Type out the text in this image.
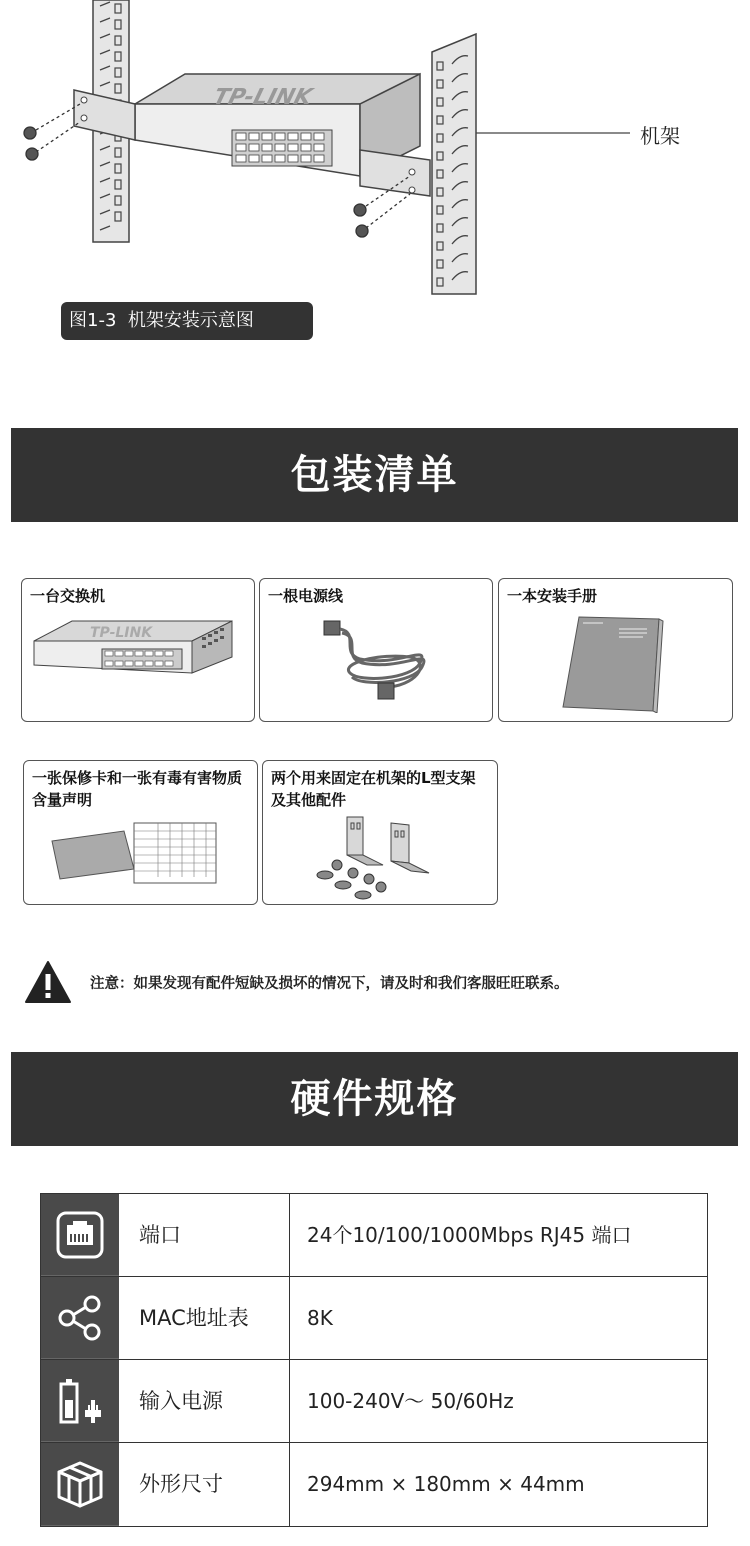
TP-LINK
机架
图1-3  机架安装示意图
包装清单
一台交换机
TP-LINK
一根电源线	一本安装手册
一张保修卡和一张有毒有害物质含量声明
两个用来固定在机架的L型支架及其他配件
注意：如果发现有配件短缺及损坏的情况下，请及时和我们客服旺旺联系。
硬件规格
端口	24个10/100/1000Mbps RJ45 端口
MAC地址表	8K
输入电源	100-240V～ 50/60Hz
外形尺寸	294mm × 180mm × 44mm
